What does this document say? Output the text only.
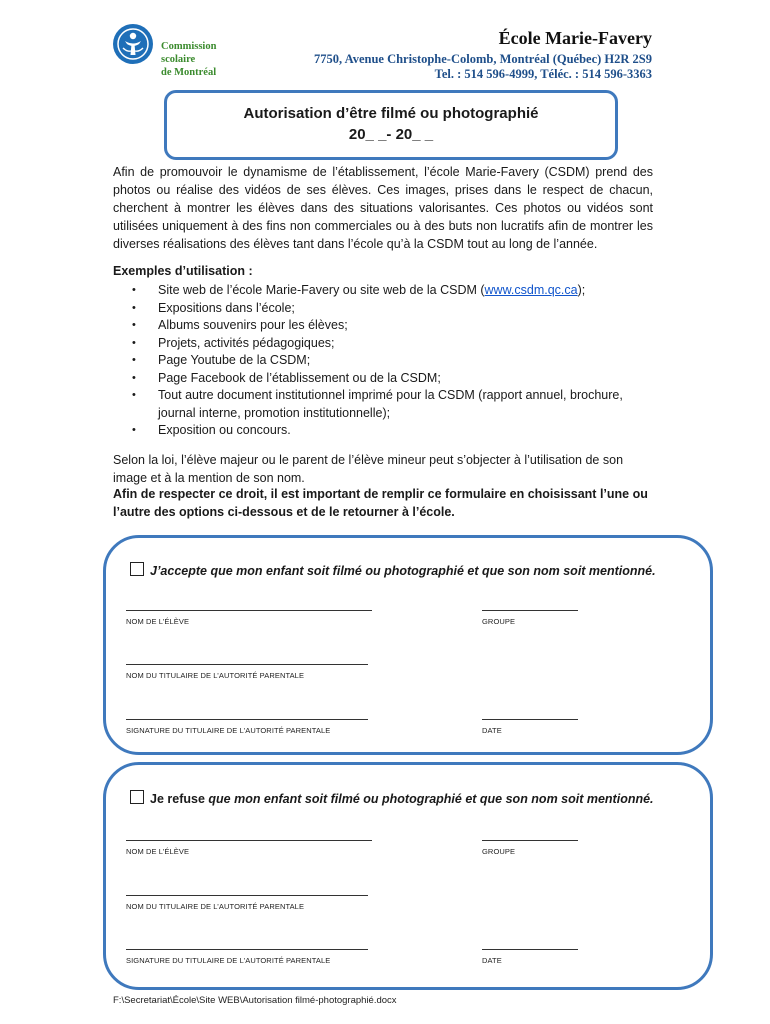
Commission
scolaire
de Montréal
École Marie-Favery
7750, Avenue Christophe-Colomb, Montréal (Québec) H2R 2S9
Tel. : 514 596-4999, Téléc. : 514 596-3363
Autorisation d’être filmé ou photographié
20_ _- 20_ _
Afin de promouvoir le dynamisme de l’établissement, l’école Marie-Favery (CSDM) prend des photos ou réalise des vidéos de ses élèves. Ces images, prises dans le respect de chacun, cherchent à montrer les élèves dans des situations valorisantes. Ces photos ou vidéos sont utilisées uniquement à des fins non commerciales ou à des buts non lucratifs afin de montrer les diverses réalisations des élèves tant dans l’école qu’à la CSDM tout au long de l’année.
Exemples d’utilisation :
• Site web de l’école Marie-Favery ou site web de la CSDM (www.csdm.qc.ca);
• Expositions dans l’école;
• Albums souvenirs pour les élèves;
• Projets, activités pédagogiques;
• Page Youtube de la CSDM;
• Page Facebook de l’établissement ou de la CSDM;
• Tout autre document institutionnel imprimé pour la CSDM (rapport annuel, brochure, journal interne, promotion institutionnelle);
• Exposition ou concours.
Selon la loi, l’élève majeur ou le parent de l’élève mineur peut s’objecter à l’utilisation de son image et à la mention de son nom.
Afin de respecter ce droit, il est important de remplir ce formulaire en choisissant l’une ou l’autre des options ci-dessous et de le retourner à l’école.
J’accepte que mon enfant soit filmé ou photographié et que son nom soit mentionné.
NOM DE L’ÉLÈVE	GROUPE
NOM DU TITULAIRE DE L’AUTORITÉ PARENTALE
SIGNATURE DU TITULAIRE DE L’AUTORITÉ PARENTALE	DATE
Je refuse que mon enfant soit filmé ou photographié et que son nom soit mentionné.
NOM DE L’ÉLÈVE	GROUPE
NOM DU TITULAIRE DE L’AUTORITÉ PARENTALE
SIGNATURE DU TITULAIRE DE L’AUTORITÉ PARENTALE	DATE
F:\Secretariat\École\Site WEB\Autorisation filmé-photographié.docx
